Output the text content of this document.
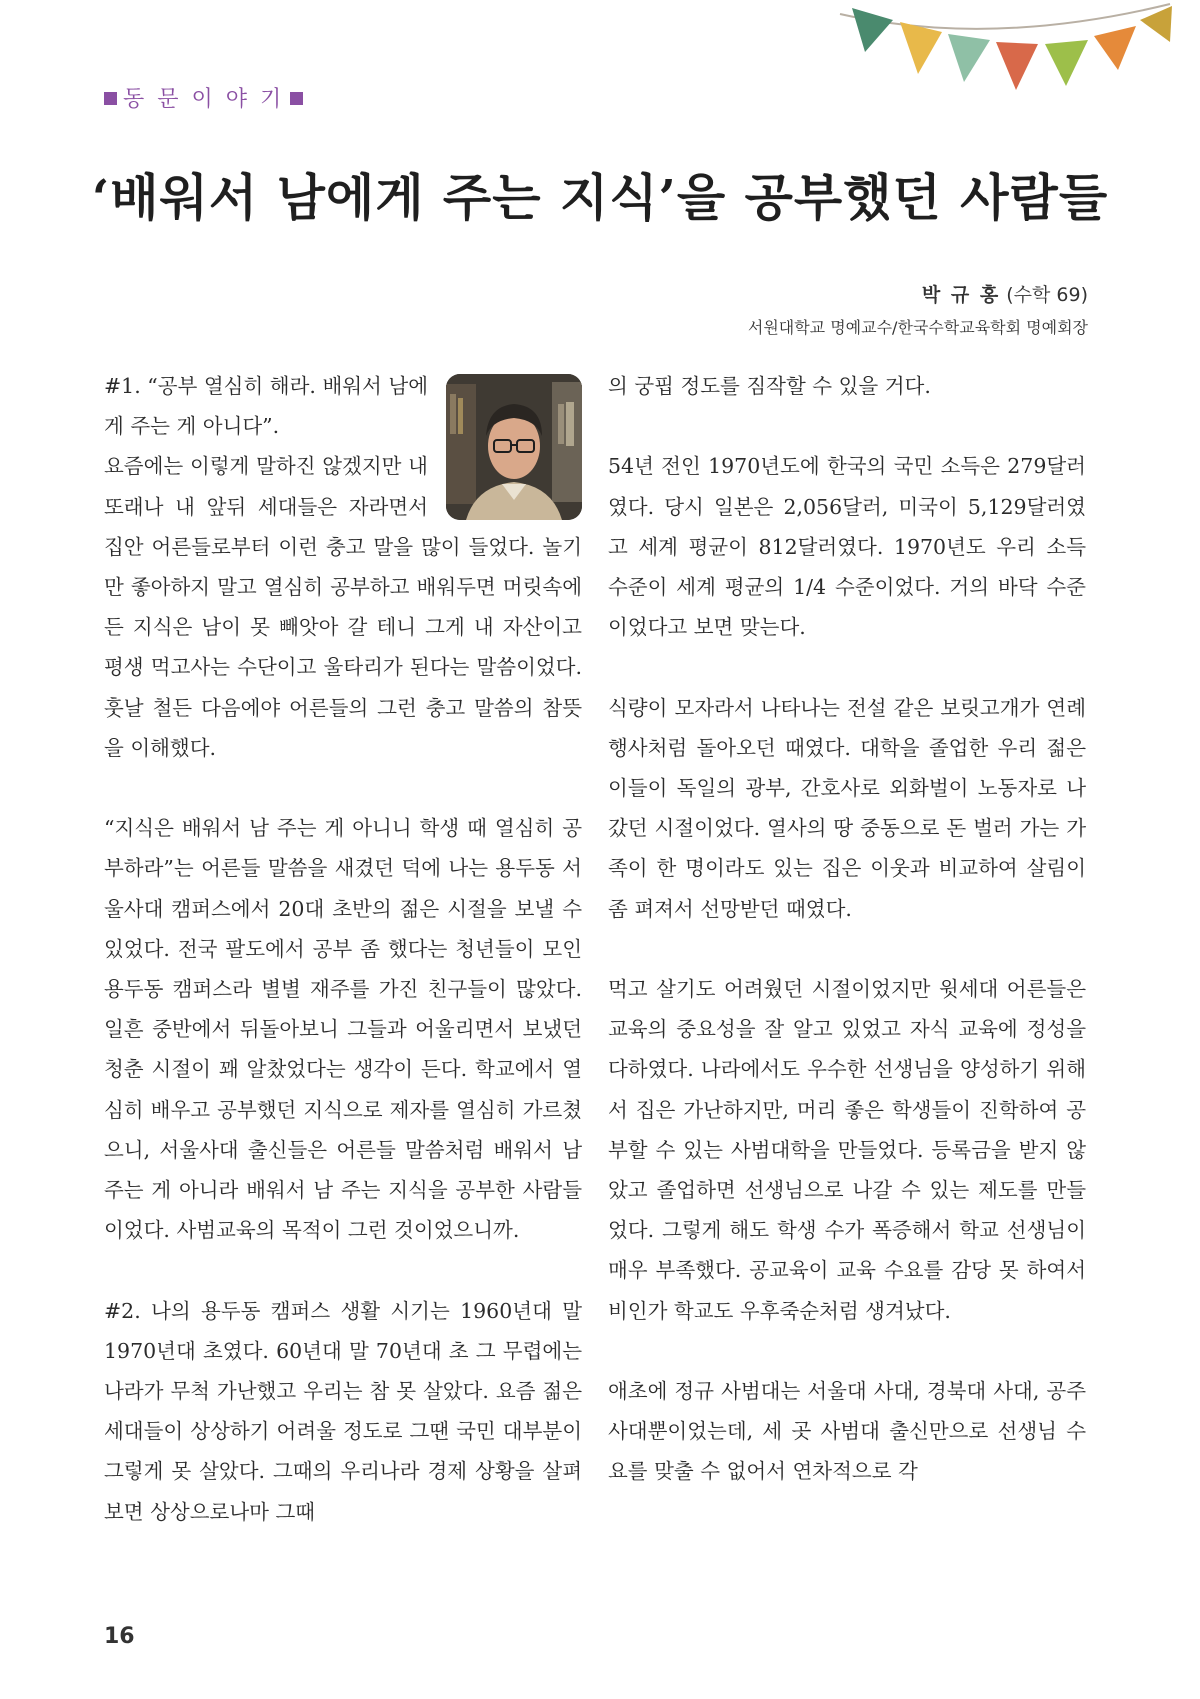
동 문 이 야 기
‘배워서 남에게 주는 지식’을 공부했던 사람들
박 규 홍 (수학 69)
서원대학교 명예교수/한국수학교육학회 명예회장

#1. “공부 열심히 해라. 배워서 남에게 주는 게 아니다”.

요즘에는 이렇게 말하진 않겠지만 내 또래나 내 앞뒤 세대들은 자라면서 집안 어른들로부터 이런 충고 말을 많이 들었다. 놀기만 좋아하지 말고 열심히 공부하고 배워두면 머릿속에 든 지식은 남이 못 빼앗아 갈 테니 그게 내 자산이고 평생 먹고사는 수단이고 울타리가 된다는 말씀이었다. 훗날 철든 다음에야 어른들의 그런 충고 말씀의 참뜻을 이해했다.

“지식은 배워서 남 주는 게 아니니 학생 때 열심히 공부하라”는 어른들 말씀을 새겼던 덕에 나는 용두동 서울사대 캠퍼스에서 20대 초반의 젊은 시절을 보낼 수 있었다. 전국 팔도에서 공부 좀 했다는 청년들이 모인 용두동 캠퍼스라 별별 재주를 가진 친구들이 많았다. 일흔 중반에서 뒤돌아보니 그들과 어울리면서 보냈던 청춘 시절이 꽤 알찼었다는 생각이 든다. 학교에서 열심히 배우고 공부했던 지식으로 제자를 열심히 가르쳤으니, 서울사대 출신들은 어른들 말씀처럼 배워서 남 주는 게 아니라 배워서 남 주는 지식을 공부한 사람들이었다. 사범교육의 목적이 그런 것이었으니까.

#2. 나의 용두동 캠퍼스 생활 시기는 1960년대 말 1970년대 초였다. 60년대 말 70년대 초 그 무렵에는 나라가 무척 가난했고 우리는 참 못 살았다. 요즘 젊은 세대들이 상상하기 어려울 정도로 그땐 국민 대부분이 그렇게 못 살았다. 그때의 우리나라 경제 상황을 살펴보면 상상으로나마 그때

의 궁핍 정도를 짐작할 수 있을 거다.

54년 전인 1970년도에 한국의 국민 소득은 279달러였다. 당시 일본은 2,056달러, 미국이 5,129달러였고 세계 평균이 812달러였다. 1970년도 우리 소득 수준이 세계 평균의 1/4 수준이었다. 거의 바닥 수준이었다고 보면 맞는다.

식량이 모자라서 나타나는 전설 같은 보릿고개가 연례행사처럼 돌아오던 때였다. 대학을 졸업한 우리 젊은이들이 독일의 광부, 간호사로 외화벌이 노동자로 나갔던 시절이었다. 열사의 땅 중동으로 돈 벌러 가는 가족이 한 명이라도 있는 집은 이웃과 비교하여 살림이 좀 펴져서 선망받던 때였다.

먹고 살기도 어려웠던 시절이었지만 윗세대 어른들은 교육의 중요성을 잘 알고 있었고 자식 교육에 정성을 다하였다. 나라에서도 우수한 선생님을 양성하기 위해서 집은 가난하지만, 머리 좋은 학생들이 진학하여 공부할 수 있는 사범대학을 만들었다. 등록금을 받지 않았고 졸업하면 선생님으로 나갈 수 있는 제도를 만들었다. 그렇게 해도 학생 수가 폭증해서 학교 선생님이 매우 부족했다. 공교육이 교육 수요를 감당 못 하여서 비인가 학교도 우후죽순처럼 생겨났다.

애초에 정규 사범대는 서울대 사대, 경북대 사대, 공주사대뿐이었는데, 세 곳 사범대 출신만으로 선생님 수요를 맞출 수 없어서 연차적으로 각

16
